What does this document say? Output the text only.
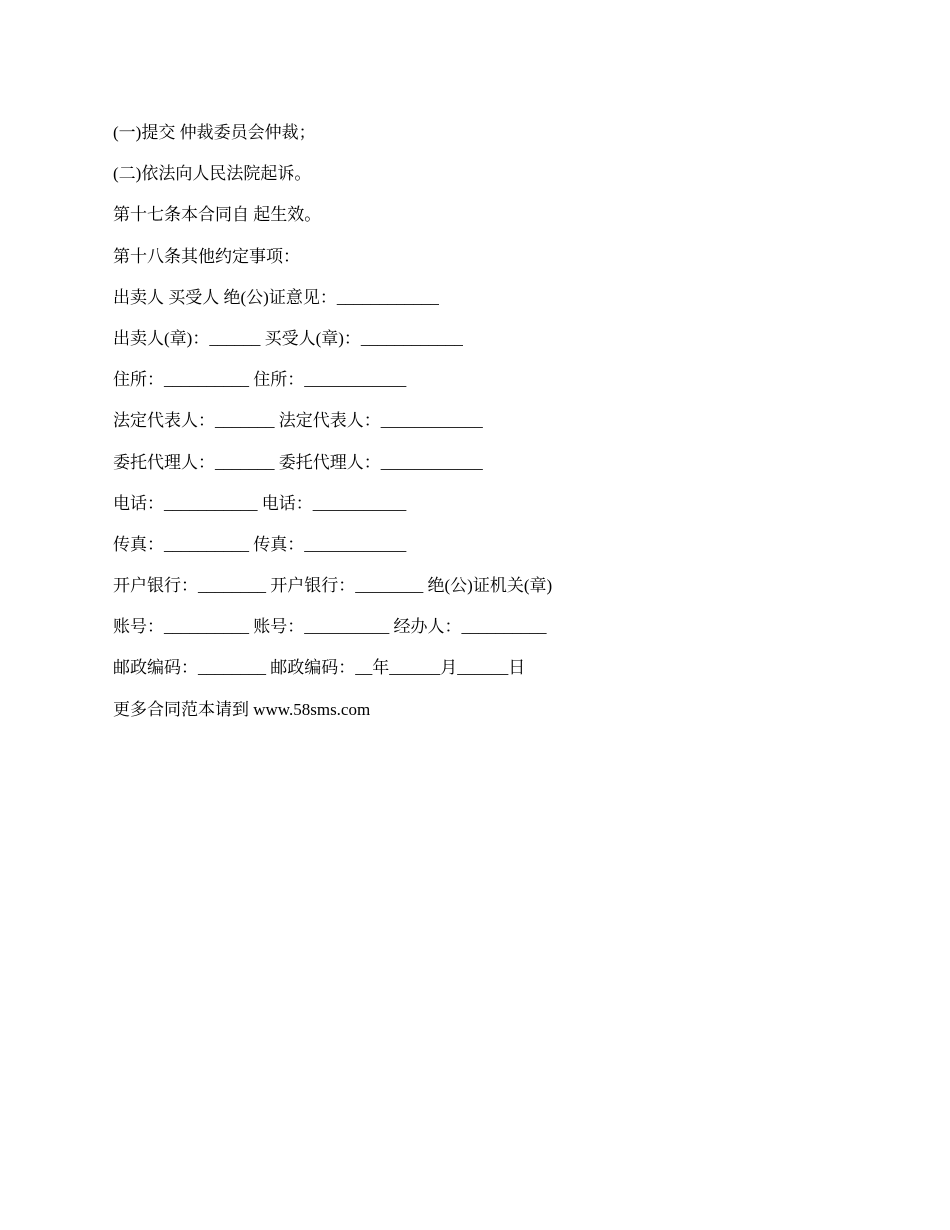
(一)提交 仲裁委员会仲裁；

(二)依法向人民法院起诉。

第十七条本合同自 起生效。

第十八条其他约定事项：

出卖人 买受人 绝(公)证意见：____________

出卖人(章)：______ 买受人(章)：____________

住所：__________ 住所：____________

法定代表人：_______ 法定代表人：____________

委托代理人：_______ 委托代理人：____________

电话：___________ 电话：___________

传真：__________ 传真：____________

开户银行：________ 开户银行：________ 绝(公)证机关(章)

账号：__________ 账号：__________ 经办人：__________

邮政编码：________ 邮政编码：__年______月______日

更多合同范本请到 www.58sms.com
